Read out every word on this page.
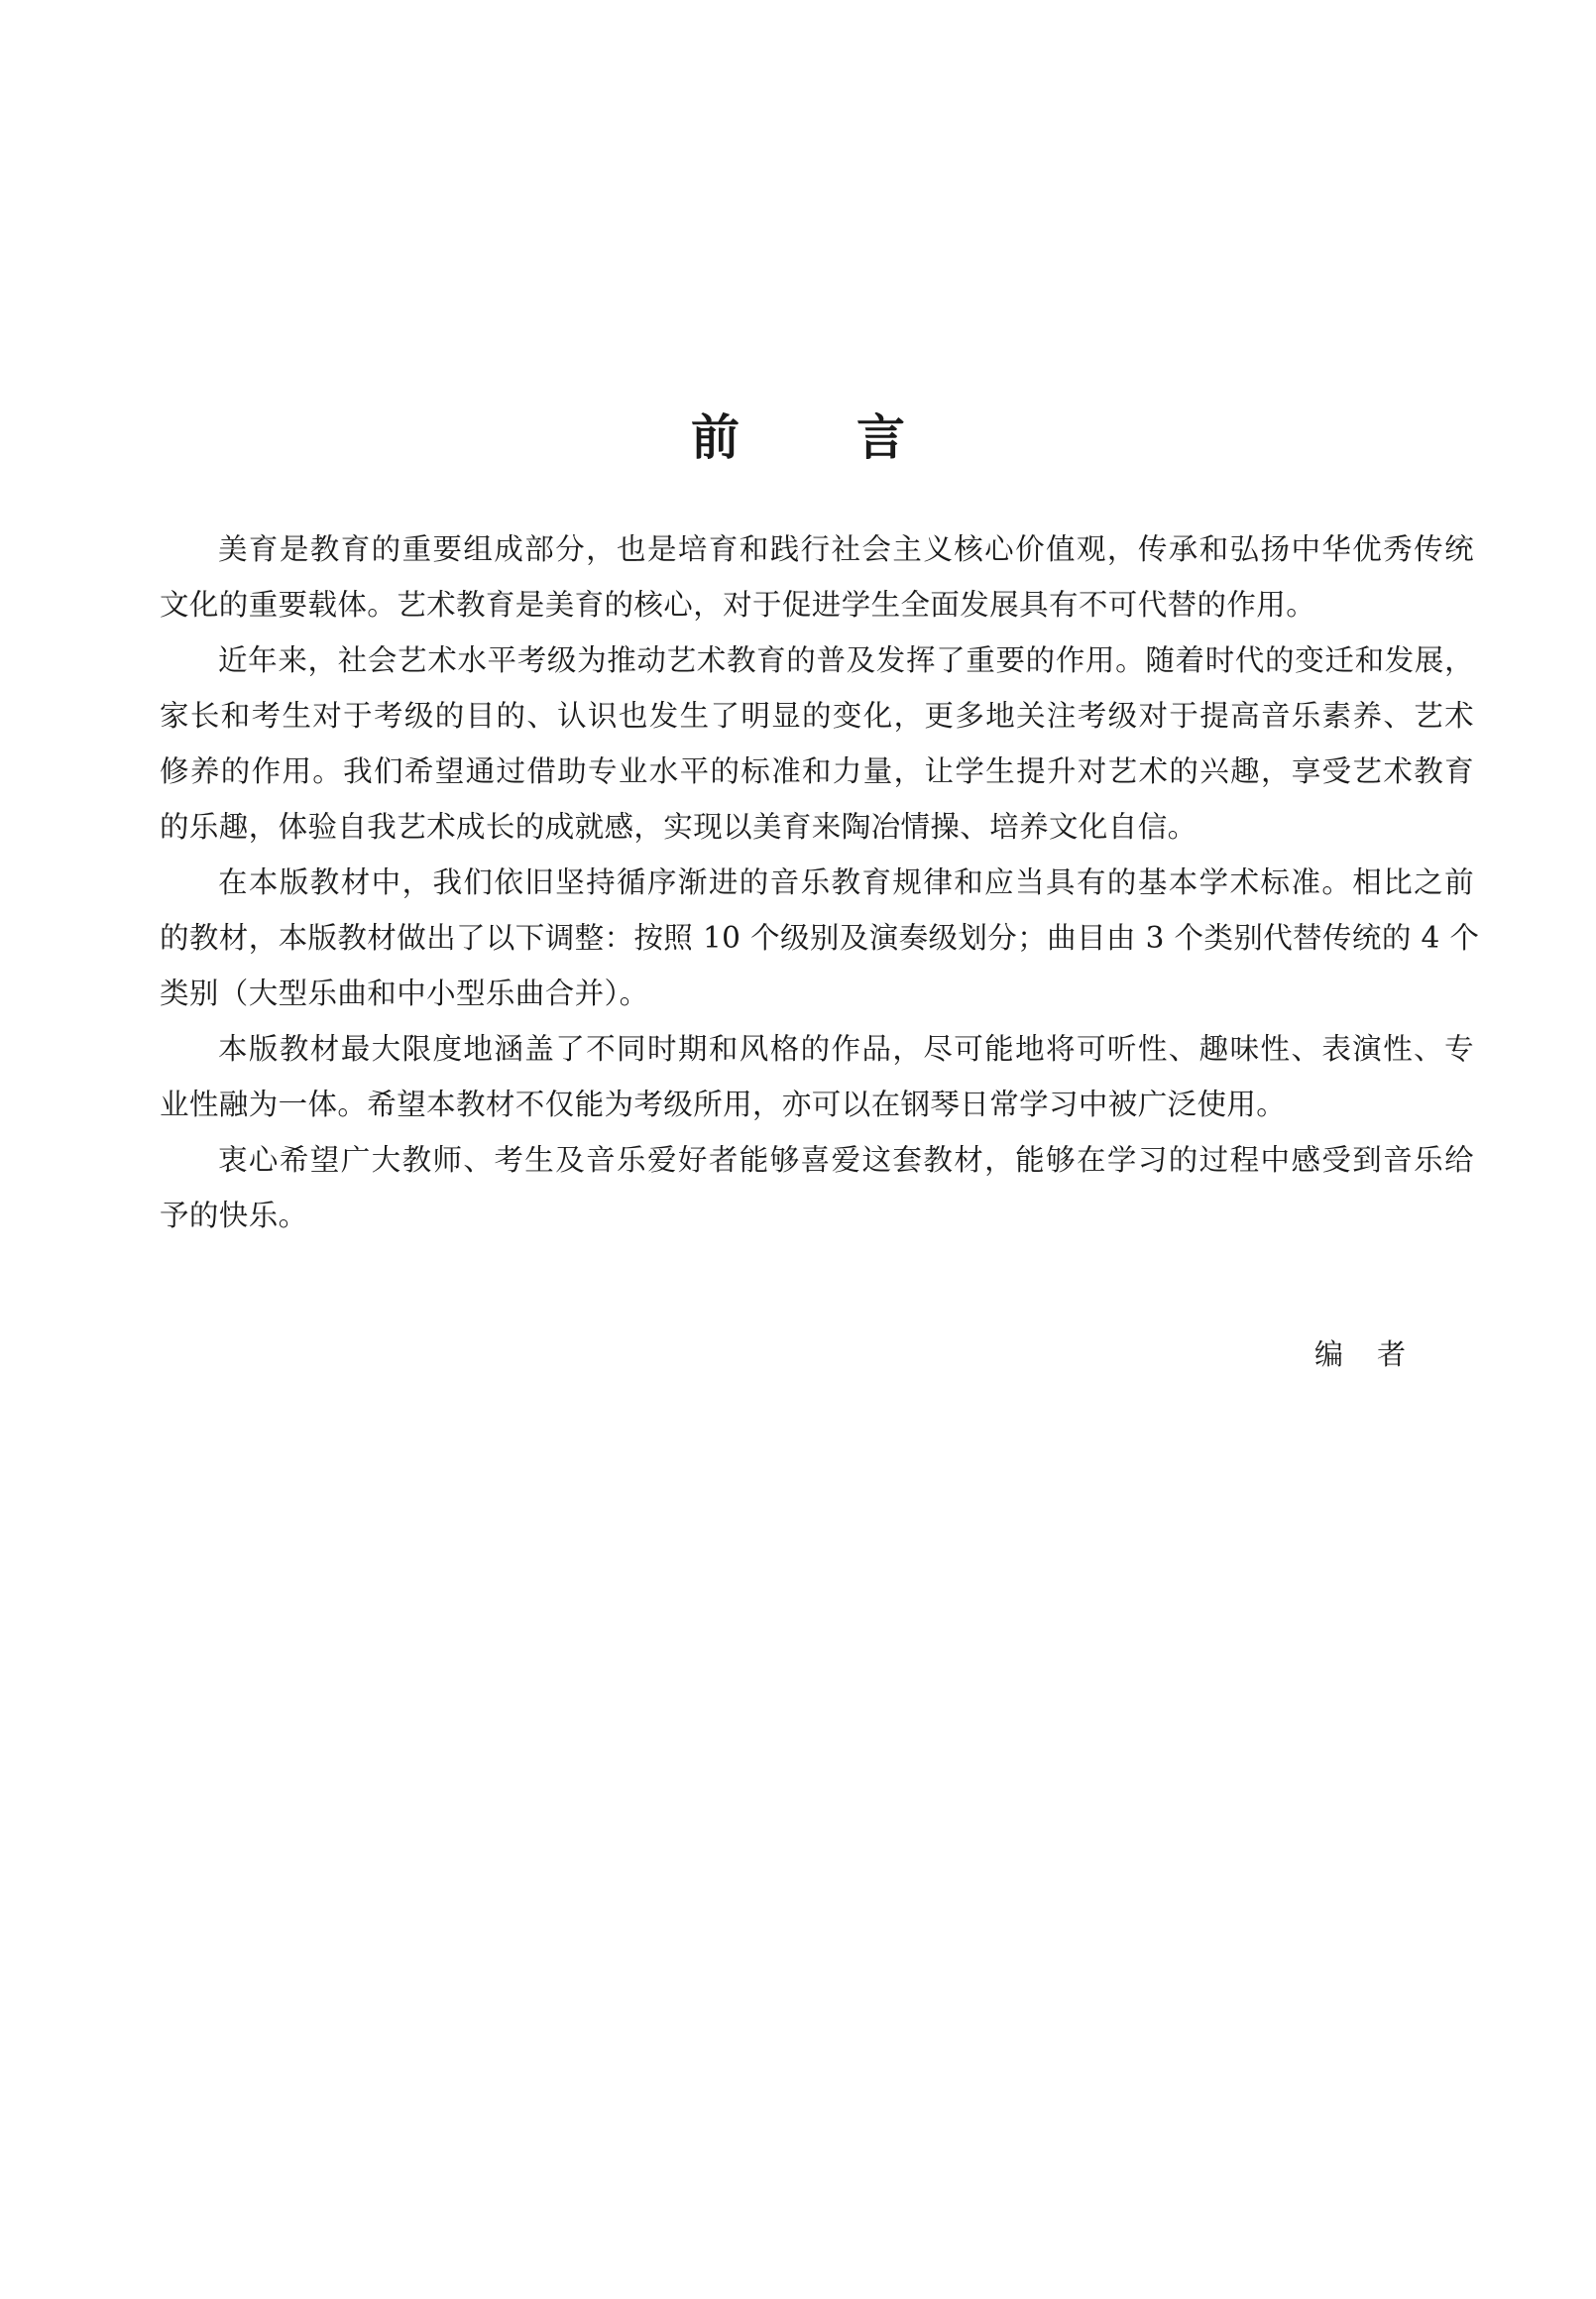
前 言
美育是教育的重要组成部分，也是培育和践行社会主义核心价值观，传承和弘扬中华优秀传统
文化的重要载体。艺术教育是美育的核心，对于促进学生全面发展具有不可代替的作用。
近年来，社会艺术水平考级为推动艺术教育的普及发挥了重要的作用。随着时代的变迁和发展，
家长和考生对于考级的目的、认识也发生了明显的变化，更多地关注考级对于提高音乐素养、艺术
修养的作用。我们希望通过借助专业水平的标准和力量，让学生提升对艺术的兴趣，享受艺术教育
的乐趣，体验自我艺术成长的成就感，实现以美育来陶冶情操、培养文化自信。
在本版教材中，我们依旧坚持循序渐进的音乐教育规律和应当具有的基本学术标准。相比之前
的教材，本版教材做出了以下调整：按照 10 个级别及演奏级划分；曲目由 3 个类别代替传统的 4 个
类别（大型乐曲和中小型乐曲合并）。
本版教材最大限度地涵盖了不同时期和风格的作品，尽可能地将可听性、趣味性、表演性、专
业性融为一体。希望本教材不仅能为考级所用，亦可以在钢琴日常学习中被广泛使用。
衷心希望广大教师、考生及音乐爱好者能够喜爱这套教材，能够在学习的过程中感受到音乐给
予的快乐。
编 者
